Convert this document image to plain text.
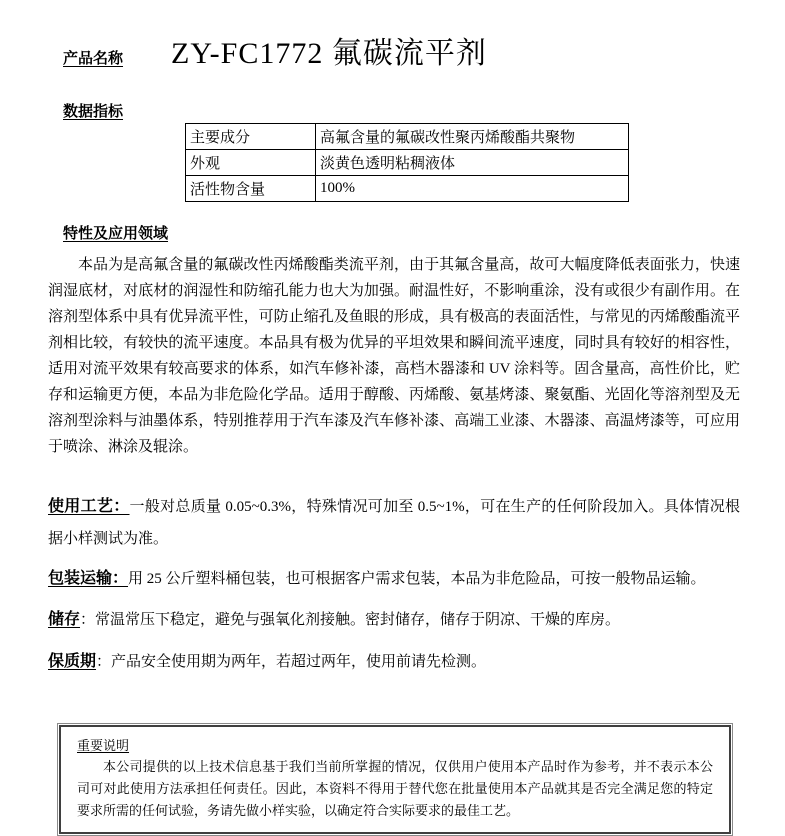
产品名称 ZY-FC1772 氟碳流平剂
数据指标
主要成分	高氟含量的氟碳改性聚丙烯酸酯共聚物
外观	淡黄色透明粘稠液体
活性物含量	100%
特性及应用领域

本品为是高氟含量的氟碳改性丙烯酸酯类流平剂，由于其氟含量高，故可大幅度降低表面张力，快速润湿底材，对底材的润湿性和防缩孔能力也大为加强。耐温性好，不影响重涂，没有或很少有副作用。在溶剂型体系中具有优异流平性，可防止缩孔及鱼眼的形成，具有极高的表面活性，与常见的丙烯酸酯流平剂相比较，有较快的流平速度。本品具有极为优异的平坦效果和瞬间流平速度，同时具有较好的相容性，适用对流平效果有较高要求的体系，如汽车修补漆，高档木器漆和 UV 涂料等。固含量高，高性价比，贮存和运输更方便，本品为非危险化学品。适用于醇酸、丙烯酸、氨基烤漆、聚氨酯、光固化等溶剂型及无溶剂型涂料与油墨体系，特别推荐用于汽车漆及汽车修补漆、高端工业漆、木器漆、高温烤漆等，可应用于喷涂、淋涂及辊涂。

使用工艺：一般对总质量 0.05~0.3%，特殊情况可加至 0.5~1%，可在生产的任何阶段加入。具体情况根据小样测试为准。

包装运输：用 25 公斤塑料桶包装，也可根据客户需求包装，本品为非危险品，可按一般物品运输。

储存：常温常压下稳定，避免与强氧化剂接触。密封储存，储存于阴凉、干燥的库房。

保质期：产品安全使用期为两年，若超过两年，使用前请先检测。

重要说明

本公司提供的以上技术信息基于我们当前所掌握的情况，仅供用户使用本产品时作为参考，并不表示本公司可对此使用方法承担任何责任。因此，本资料不得用于替代您在批量使用本产品就其是否完全满足您的特定要求所需的任何试验，务请先做小样实验，以确定符合实际要求的最佳工艺。
